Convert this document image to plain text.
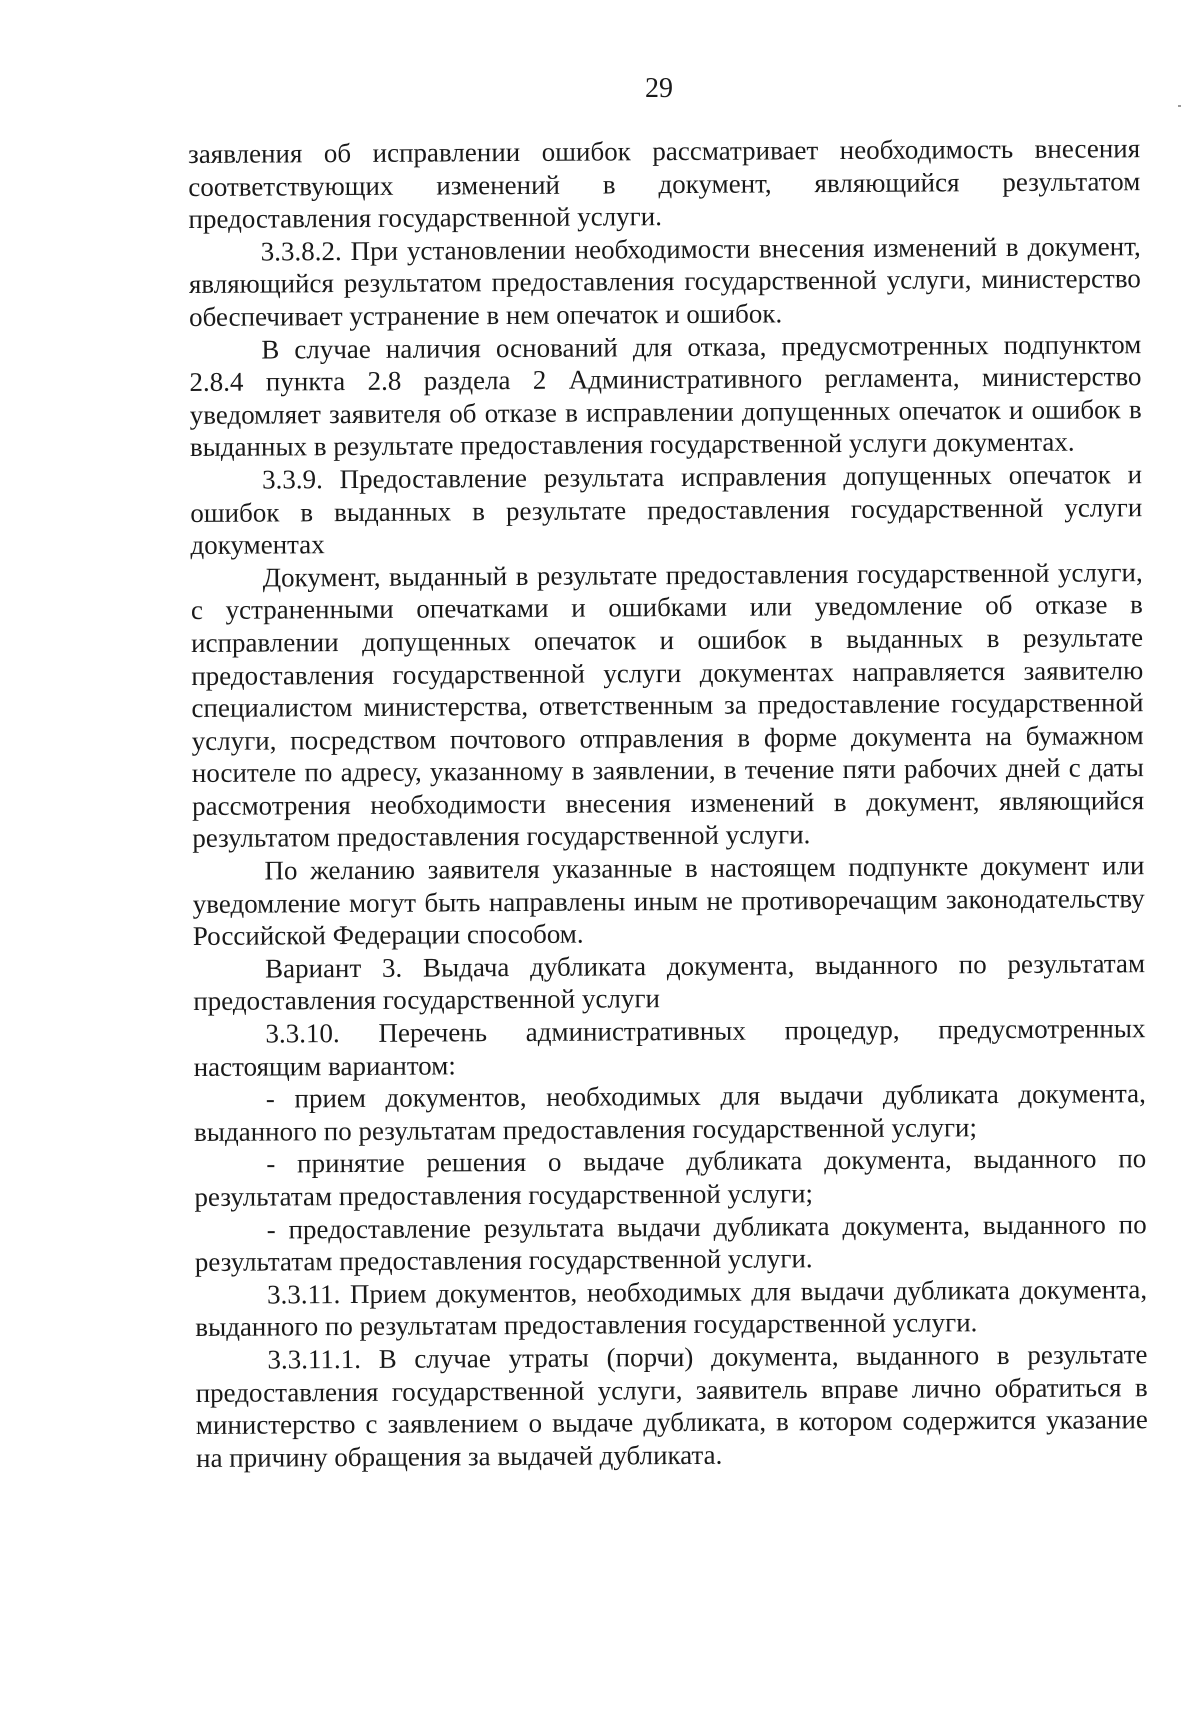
29

заявления об исправлении ошибок рассматривает необходимость внесения соответствующих изменений в документ, являющийся результатом предоставления государственной услуги.

3.3.8.2. При установлении необходимости внесения изменений в документ, являющийся результатом предоставления государственной услуги, министерство обеспечивает устранение в нем опечаток и ошибок.

В случае наличия оснований для отказа, предусмотренных подпунктом 2.8.4 пункта 2.8 раздела 2 Административного регламента, министерство уведомляет заявителя об отказе в исправлении допущенных опечаток и ошибок в выданных в результате предоставления государственной услуги документах.

3.3.9. Предоставление результата исправления допущенных опечаток и ошибок в выданных в результате предоставления государственной услуги документах

Документ, выданный в результате предоставления государственной услуги, с устраненными опечатками и ошибками или уведомление об отказе в исправлении допущенных опечаток и ошибок в выданных в результате предоставления государственной услуги документах направляется заявителю специалистом министерства, ответственным за предоставление государственной услуги, посредством почтового отправления в форме документа на бумажном носителе по адресу, указанному в заявлении, в течение пяти рабочих дней с даты рассмотрения необходимости внесения изменений в документ, являющийся результатом предоставления государственной услуги.

По желанию заявителя указанные в настоящем подпункте документ или уведомление могут быть направлены иным не противоречащим законодательству Российской Федерации способом.

Вариант 3. Выдача дубликата документа, выданного по результатам предоставления государственной услуги

3.3.10. Перечень административных процедур, предусмотренных настоящим вариантом:

- прием документов, необходимых для выдачи дубликата документа, выданного по результатам предоставления государственной услуги;

- принятие решения о выдаче дубликата документа, выданного по результатам предоставления государственной услуги;

- предоставление результата выдачи дубликата документа, выданного по результатам предоставления государственной услуги.

3.3.11. Прием документов, необходимых для выдачи дубликата документа, выданного по результатам предоставления государственной услуги.

3.3.11.1. В случае утраты (порчи) документа, выданного в результате предоставления государственной услуги, заявитель вправе лично обратиться в министерство с заявлением о выдаче дубликата, в котором содержится указание на причину обращения за выдачей дубликата.
